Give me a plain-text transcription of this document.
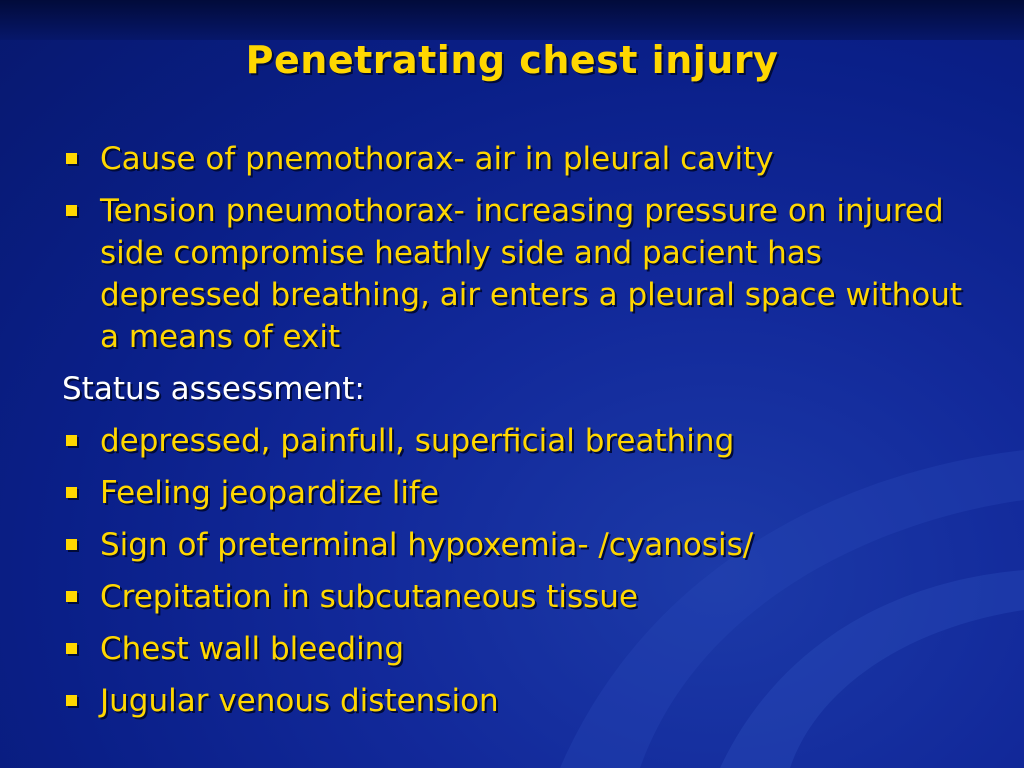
Penetrating chest injury
Cause of pnemothorax- air in pleural cavity
Tension pneumothorax- increasing pressure on injured side compromise heathly side and pacient has depressed breathing, air enters a pleural space without a means of exit
Status assessment:
depressed, painfull, superficial breathing
Feeling jeopardize life
Sign of preterminal hypoxemia- /cyanosis/
Crepitation in subcutaneous tissue
Chest wall bleeding
Jugular venous distension
